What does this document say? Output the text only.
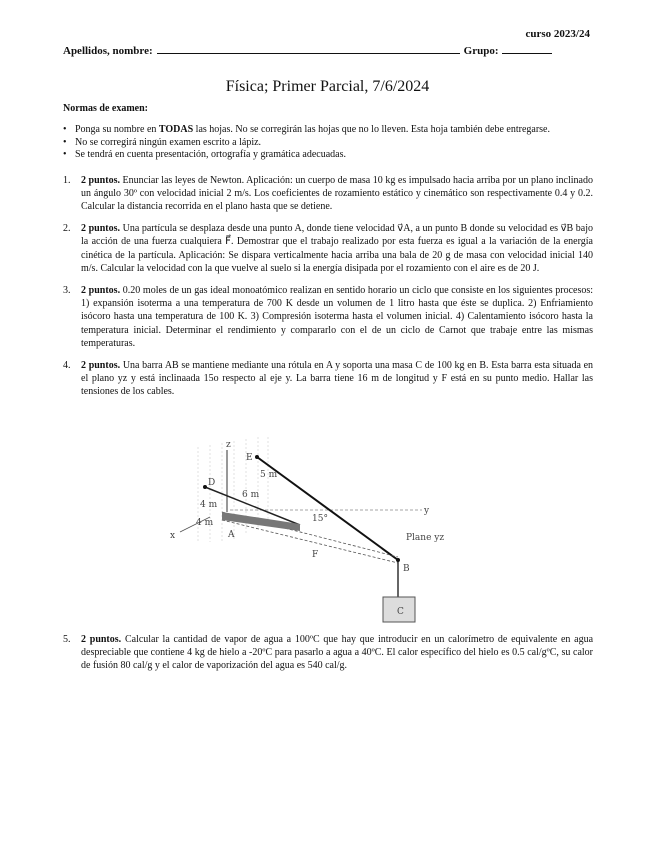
curso 2023/24
Apellidos, nombre:	Grupo:
Física; Primer Parcial, 7/6/2024
Normas de examen:
• Ponga su nombre en TODAS las hojas. No se corregirán las hojas que no lo lleven. Esta hoja también debe entregarse.
• No se corregirá ningún examen escrito a lápiz.
• Se tendrá en cuenta presentación, ortografía y gramática adecuadas.
1. 2 puntos. Enunciar las leyes de Newton. Aplicación: un cuerpo de masa 10 kg es impulsado hacia arriba por un plano inclinado un ángulo 30º con velocidad inicial 2 m/s. Los coeficientes de rozamiento estático y cinemático son respectivamente 0.4 y 0.2. Calcular la distancia recorrida en el plano hasta que se detiene.
2. 2 puntos. Una partícula se desplaza desde una punto A, donde tiene velocidad v⃗A, a un punto B donde su velocidad es v⃗B bajo la acción de una fuerza cualquiera F⃗. Demostrar que el trabajo realizado por esta fuerza es igual a la variación de la energía cinética de la partícula. Aplicación: Se dispara verticalmente hacia arriba una bala de 20 g de masa con velocidad inicial 140 m/s. Calcular la velocidad con la que vuelve al suelo si la energía disipada por el rozamiento con el aire es de 20 J.
3. 2 puntos. 0.20 moles de un gas ideal monoatómico realizan en sentido horario un ciclo que consiste en los siguientes procesos: 1) expansión isoterma a una temperatura de 700 K desde un volumen de 1 litro hasta que éste se duplica. 2) Enfriamiento isócoro hasta una temperatura de 100 K. 3) Compresión isoterma hasta el volumen inicial. 4) Calentamiento isócoro hasta la temperatura inicial. Determinar el rendimiento y compararlo con el de un ciclo de Carnot que trabaje entre las mismas temperaturas.
4. 2 puntos. Una barra AB se mantiene mediante una rótula en A y soporta una masa C de 100 kg en B. Esta barra esta situada en el plano yz y está inclinaada 15o respecto al eje y. La barra tiene 16 m de longitud y F está en su punto medio. Hallar las tensiones de los cables.
z
y
x
E
D
A
B
C
F
5 m
6 m
4 m
4 m	15°
Plane yz
5. 2 puntos. Calcular la cantidad de vapor de agua a 100ºC que hay que introducir en un calorímetro de equivalente en agua despreciable que contiene 4 kg de hielo a -20ºC para pasarlo a agua a 40ºC. El calor específico del hielo es 0.5 cal/gºC, su calor de fusión 80 cal/g y el calor de vaporización del agua es 540 cal/g.
